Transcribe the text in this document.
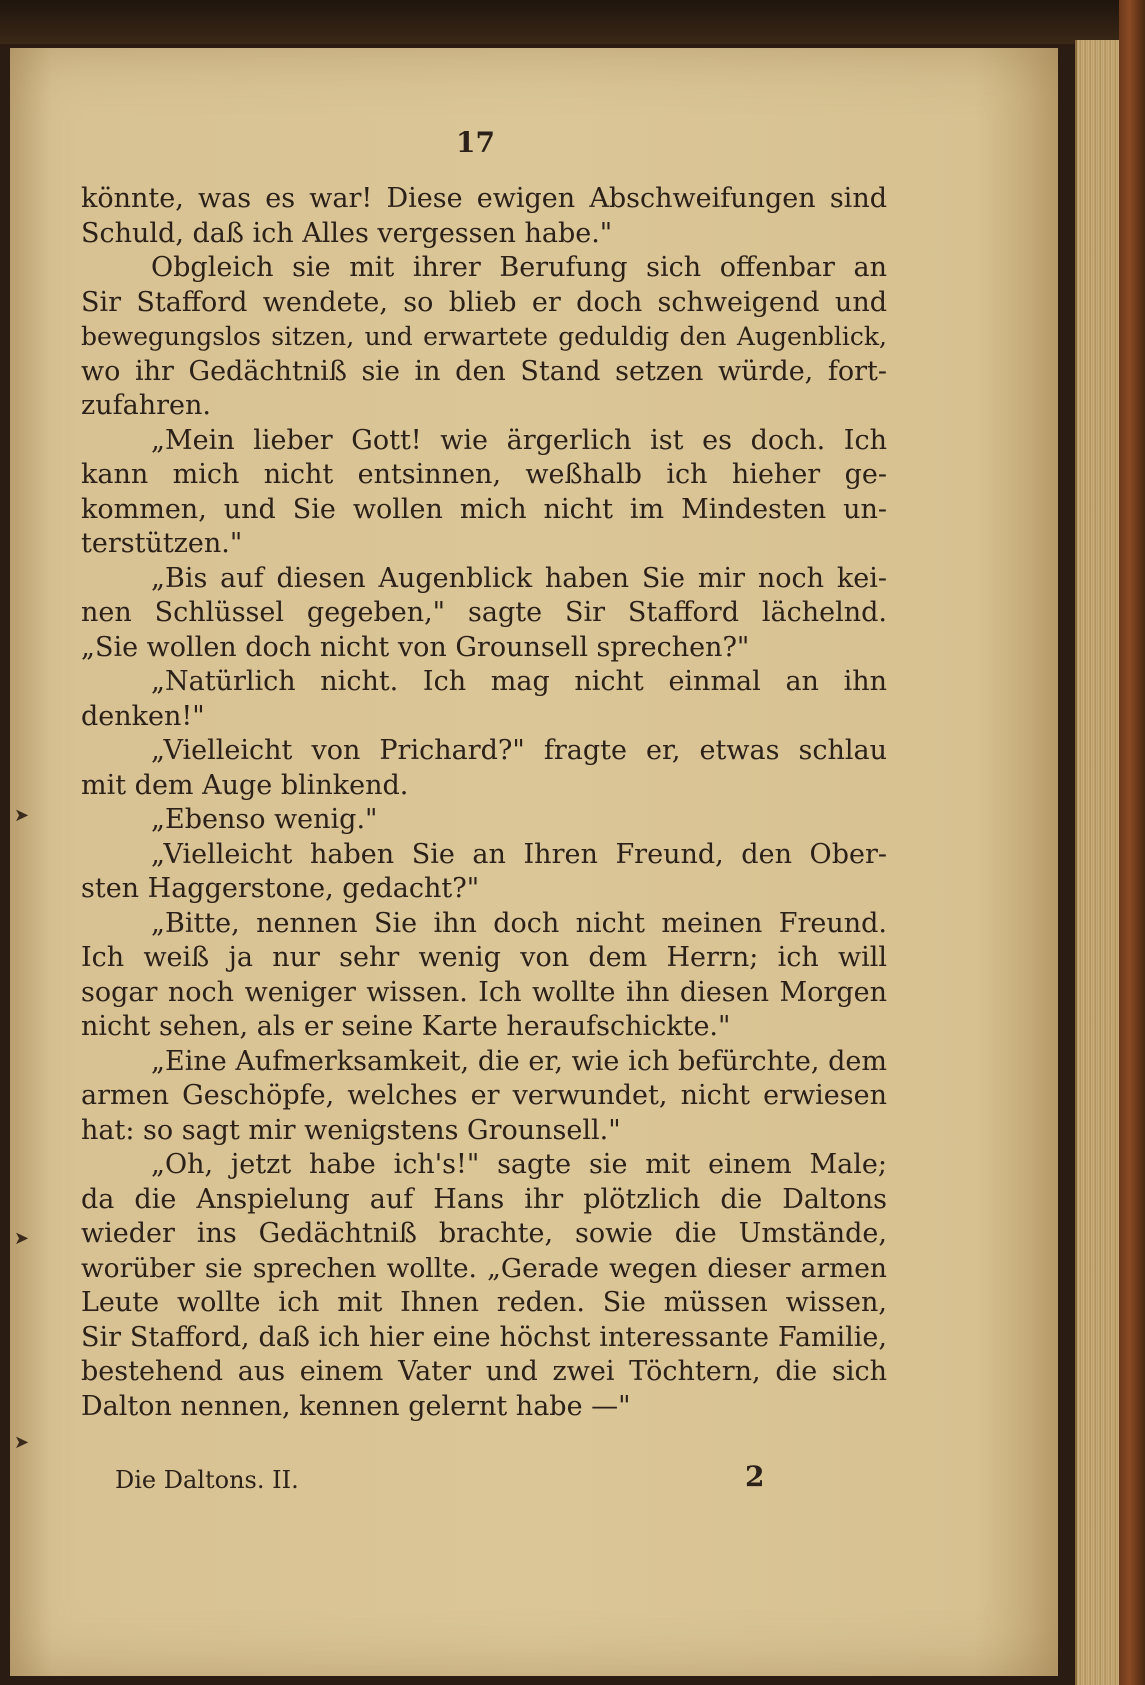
17
könnte, was es war! Diese ewigen Abschweifungen sind
Schuld, daß ich Alles vergessen habe."
Obgleich sie mit ihrer Berufung sich offenbar an
Sir Stafford wendete, so blieb er doch schweigend und
bewegungslos sitzen, und erwartete geduldig den Augenblick,
wo ihr Gedächtniß sie in den Stand setzen würde, fort-
zufahren.
„Mein lieber Gott! wie ärgerlich ist es doch. Ich
kann mich nicht entsinnen, weßhalb ich hieher ge-
kommen, und Sie wollen mich nicht im Mindesten un-
terstützen."
„Bis auf diesen Augenblick haben Sie mir noch kei-
nen Schlüssel gegeben," sagte Sir Stafford lächelnd.
„Sie wollen doch nicht von Grounsell sprechen?"
„Natürlich nicht. Ich mag nicht einmal an ihn
denken!"
„Vielleicht von Prichard?" fragte er, etwas schlau
mit dem Auge blinkend.
„Ebenso wenig."
„Vielleicht haben Sie an Ihren Freund, den Ober-
sten Haggerstone, gedacht?"
„Bitte, nennen Sie ihn doch nicht meinen Freund.
Ich weiß ja nur sehr wenig von dem Herrn; ich will
sogar noch weniger wissen. Ich wollte ihn diesen Morgen
nicht sehen, als er seine Karte heraufschickte."
„Eine Aufmerksamkeit, die er, wie ich befürchte, dem
armen Geschöpfe, welches er verwundet, nicht erwiesen
hat: so sagt mir wenigstens Grounsell."
„Oh, jetzt habe ich's!" sagte sie mit einem Male;
da die Anspielung auf Hans ihr plötzlich die Daltons
wieder ins Gedächtniß brachte, sowie die Umstände,
worüber sie sprechen wollte. „Gerade wegen dieser armen
Leute wollte ich mit Ihnen reden. Sie müssen wissen,
Sir Stafford, daß ich hier eine höchst interessante Familie,
bestehend aus einem Vater und zwei Töchtern, die sich
Dalton nennen, kennen gelernt habe —"
Die Daltons. II.	2
➤
➤
➤
